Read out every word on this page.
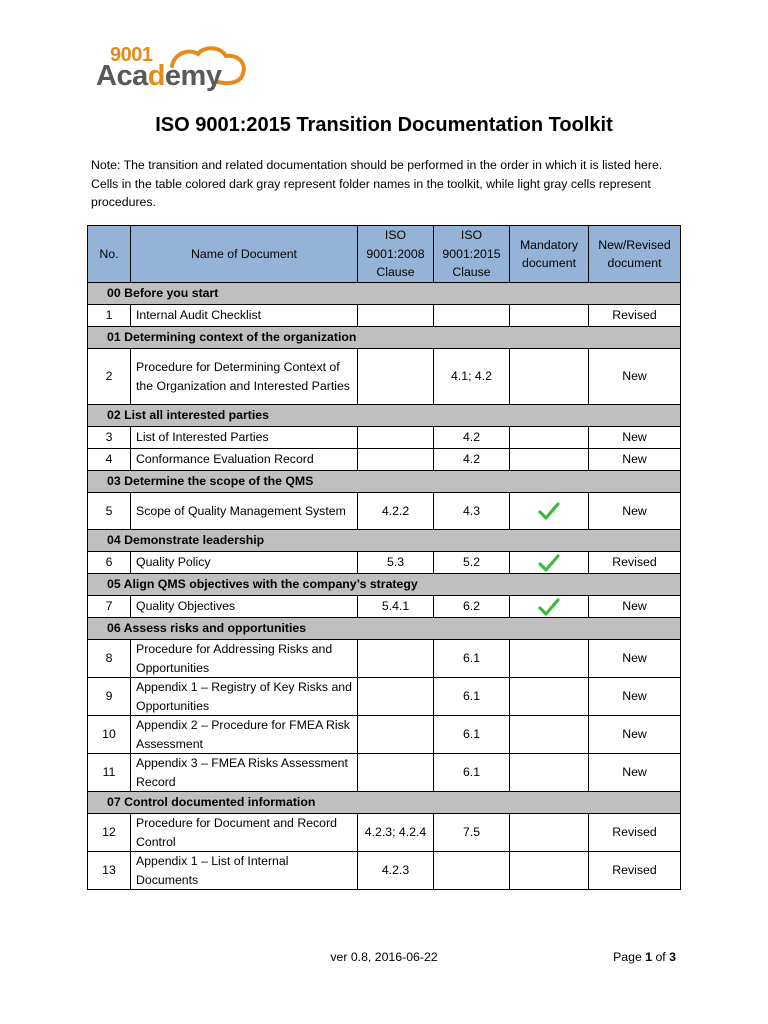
9001
Academy
ISO 9001:2015 Transition Documentation Toolkit
Note: The transition and related documentation should be performed in the order in which it is listed here. Cells in the table colored dark gray represent folder names in the toolkit, while light gray cells represent procedures.
No.	Name of Document	ISO 9001:2008 Clause	ISO 9001:2015 Clause	Mandatory document	New/Revised document
00 Before you start					
1	Internal Audit Checklist				Revised
01 Determining context of the organization					
2	Procedure for Determining Context of the Organization and Interested Parties		4.1; 4.2		New
02 List all interested parties					
3	List of Interested Parties		4.2		New
4	Conformance Evaluation Record		4.2		New
03 Determine the scope of the QMS					
5	Scope of Quality Management System	4.2.2	4.3		New
04 Demonstrate leadership					
6	Quality Policy	5.3	5.2		Revised
05 Align QMS objectives with the company’s strategy					
7	Quality Objectives	5.4.1	6.2		New
06 Assess risks and opportunities					
8	Procedure for Addressing Risks and Opportunities		6.1		New
9	Appendix 1 – Registry of Key Risks and Opportunities		6.1		New
10	Appendix 2 – Procedure for FMEA Risk Assessment		6.1		New
11	Appendix 3 – FMEA Risks Assessment Record		6.1		New
07 Control documented information					
12	Procedure for Document and Record Control	4.2.3; 4.2.4	7.5		Revised
13	Appendix 1 – List of Internal Documents	4.2.3			Revised
ver 0.8, 2016-06-22	Page 1 of 3
